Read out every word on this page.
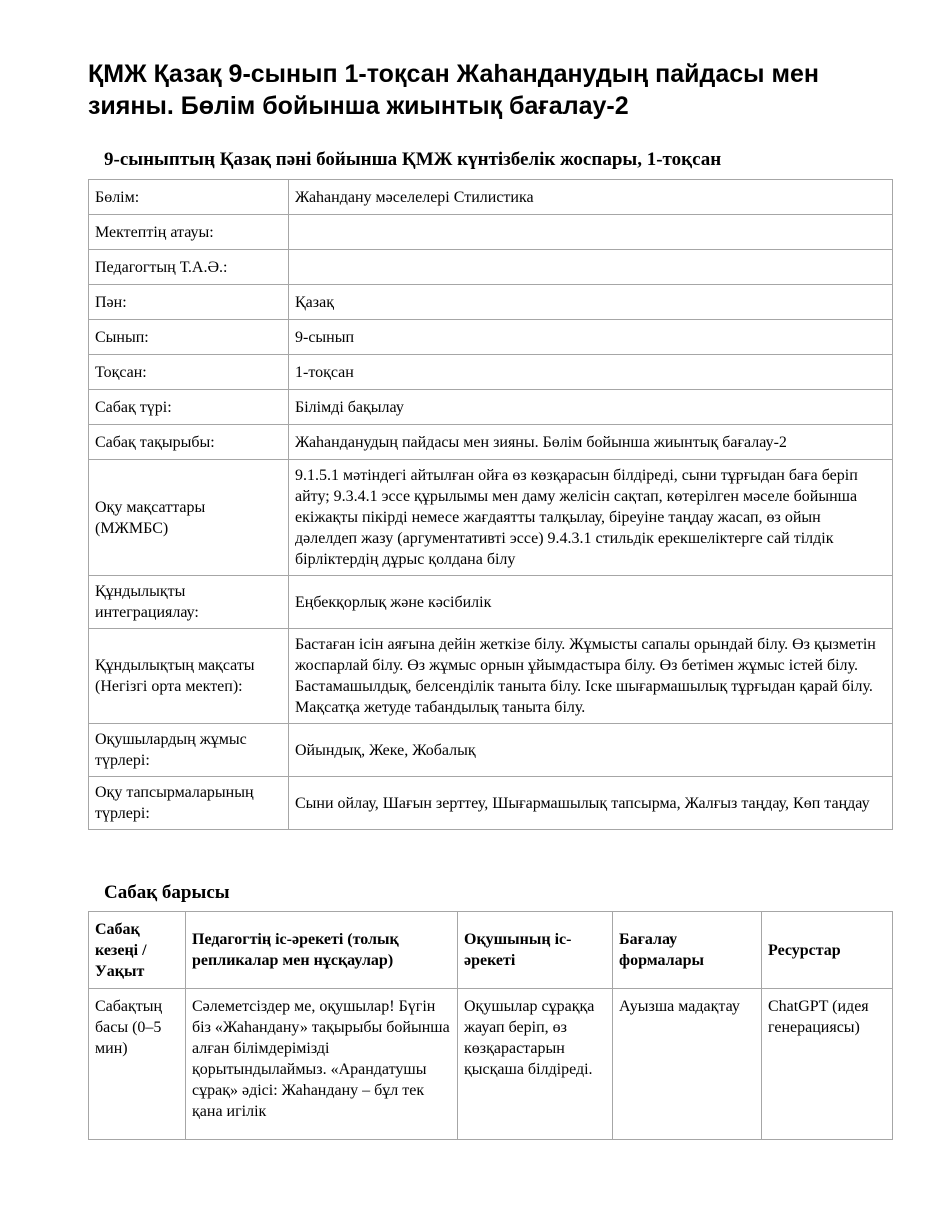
ҚМЖ Қазақ 9-сынып 1-тоқсан Жаһанданудың пайдасы мен зияны. Бөлім бойынша жиынтық бағалау-2
9-сыныптың Қазақ пәні бойынша ҚМЖ күнтізбелік жоспары, 1-тоқсан
Бөлім:	Жаһандану мәселелері Стилистика
Мектептің атауы:	
Педагогтың Т.А.Ә.:	
Пән:	Қазақ
Сынып:	9-сынып
Тоқсан:	1-тоқсан
Сабақ түрі:	Білімді бақылау
Сабақ тақырыбы:	Жаһанданудың пайдасы мен зияны. Бөлім бойынша жиынтық бағалау-2
Оқу мақсаттары (МЖМБС)	9.1.5.1 мәтіндегі айтылған ойға өз көзқарасын білдіреді, сыни тұрғыдан баға беріп айту; 9.3.4.1 эссе құрылымы мен даму желісін сақтап, көтерілген мәселе бойынша екіжақты пікірді немесе жағдаятты талқылау, біреуіне таңдау жасап, өз ойын дәлелдеп жазу (аргументативті эссе) 9.4.3.1 стильдік ерекшеліктерге сай тілдік бірліктердің дұрыс қолдана білу
Құндылықты интеграциялау:	Еңбекқорлық және кәсібилік
Құндылықтың мақсаты (Негізгі орта мектеп):	Бастаған ісін аяғына дейін жеткізе білу. Жұмысты сапалы орындай білу. Өз қызметін жоспарлай білу. Өз жұмыс орнын ұйымдастыра білу. Өз бетімен жұмыс істей білу. Бастамашылдық, белсенділік таныта білу. Іске шығармашылық тұрғыдан қарай білу. Мақсатқа жетуде табандылық таныта білу.
Оқушылардың жұмыс түрлері:	Ойындық, Жеке, Жобалық
Оқу тапсырмаларының түрлері:	Сыни ойлау, Шағын зерттеу, Шығармашылық тапсырма, Жалғыз таңдау, Көп таңдау
Сабақ барысы
Сабақ кезеңі / Уақыт	Педагогтің іс-әрекеті (толық репликалар мен нұсқаулар)	Оқушының іс-әрекеті	Бағалау формалары	Ресурстар
Сабақтың басы (0–5 мин)	Сәлеметсіздер ме, оқушылар! Бүгін біз «Жаһандану» тақырыбы бойынша алған білімдерімізді қорытындылаймыз. «Арандатушы сұрақ» әдісі: Жаһандану – бұл тек қана игілік	Оқушылар сұраққа жауап беріп, өз көзқарастарын қысқаша білдіреді.	Ауызша мадақтау	ChatGPT (идея генерациясы)
